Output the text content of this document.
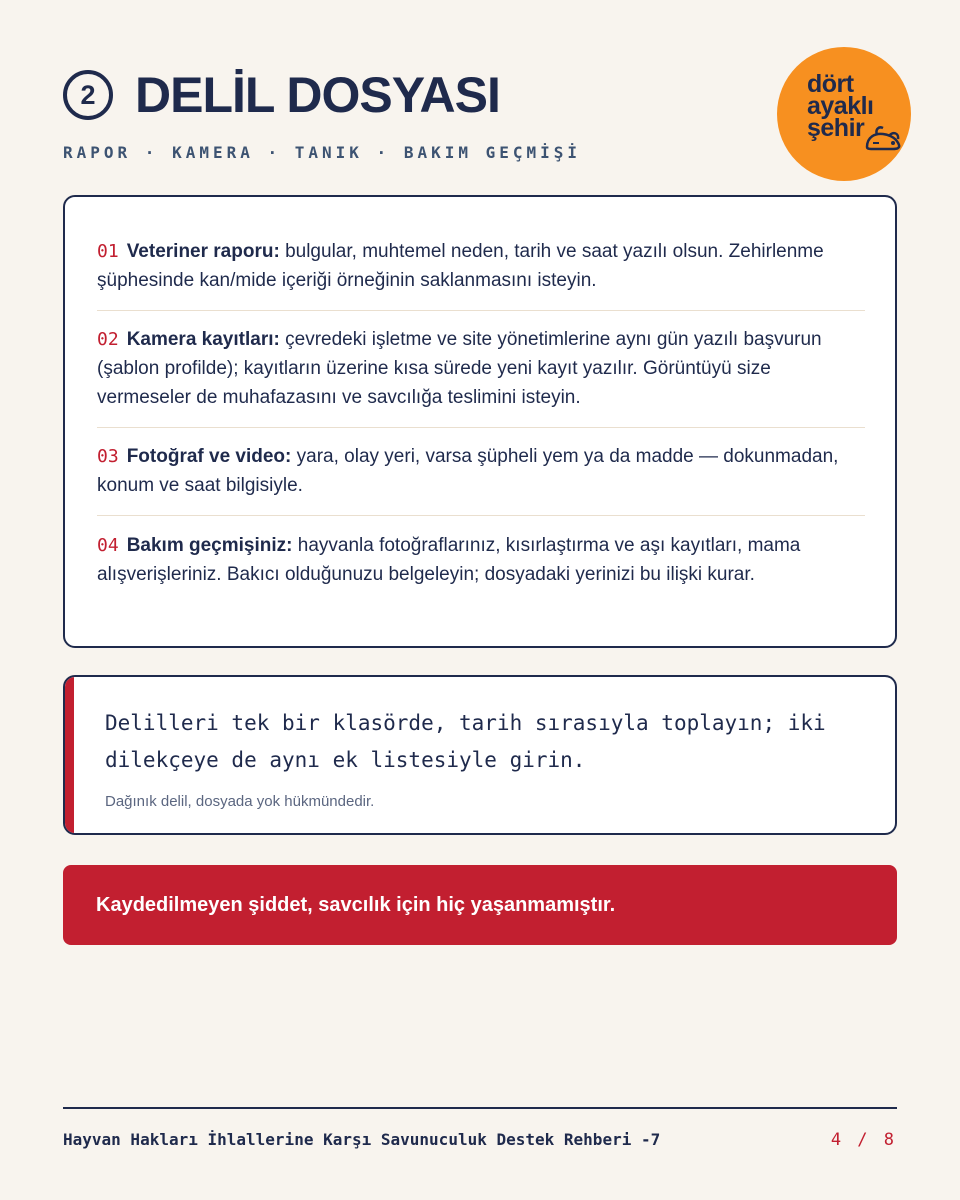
2 DELİL DOSYASI
RAPOR · KAMERA · TANIK · BAKIM GEÇMİŞİ
dört
ayaklı
şehir
01 Veteriner raporu: bulgular, muhtemel neden, tarih ve saat yazılı olsun. Zehirlenme şüphesinde kan/mide içeriği örneğinin saklanmasını isteyin.
02 Kamera kayıtları: çevredeki işletme ve site yönetimlerine aynı gün yazılı başvurun (şablon profilde); kayıtların üzerine kısa sürede yeni kayıt yazılır. Görüntüyü size vermeseler de muhafazasını ve savcılığa teslimini isteyin.
03 Fotoğraf ve video: yara, olay yeri, varsa şüpheli yem ya da madde — dokunmadan, konum ve saat bilgisiyle.
04 Bakım geçmişiniz: hayvanla fotoğraflarınız, kısırlaştırma ve aşı kayıtları, mama alışverişleriniz. Bakıcı olduğunuzu belgeleyin; dosyadaki yerinizi bu ilişki kurar.
Delilleri tek bir klasörde, tarih sırasıyla toplayın; iki dilekçeye de aynı ek listesiyle girin.
Dağınık delil, dosyada yok hükmündedir.
Kaydedilmeyen şiddet, savcılık için hiç yaşanmamıştır.
Hayvan Hakları İhlallerine Karşı Savunuculuk Destek Rehberi -7	4 / 8
